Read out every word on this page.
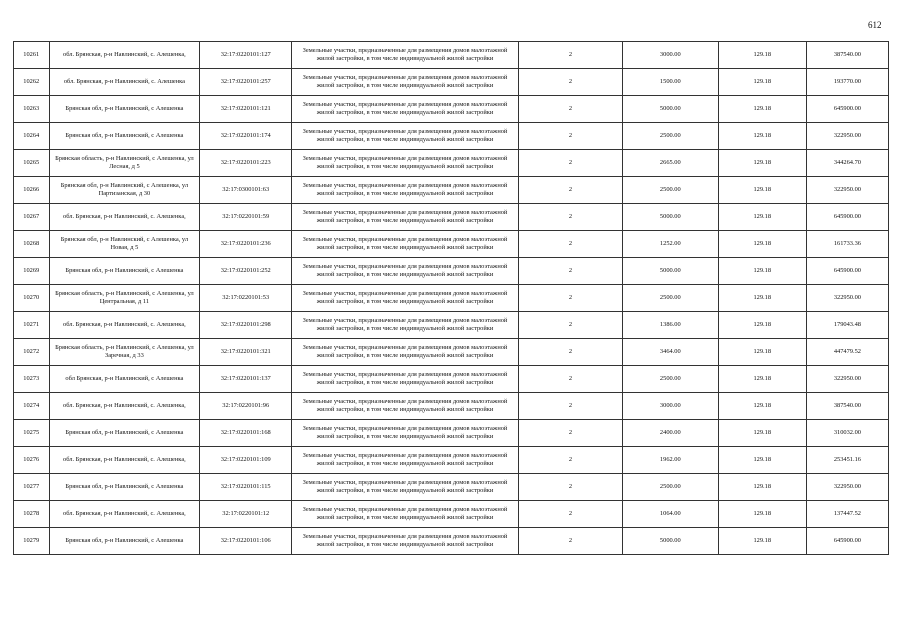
612
10261	обл. Брянская, р-н Навлинский, с. Алешенка,	32:17:0220101:127	Земельные участки, предназначенные для размещения домов малоэтажной жилой застройки, в том числе индивидуальной жилой застройки	2	3000.00	129.18	387540.00
10262	обл. Брянская, р-н Навлинский, с. Алешенка	32:17:0220101:257	Земельные участки, предназначенные для размещения домов малоэтажной жилой застройки, в том числе индивидуальной жилой застройки	2	1500.00	129.18	193770.00
10263	Брянская обл, р-н Навлинский, с Алешенка	32:17:0220101:121	Земельные участки, предназначенные для размещения домов малоэтажной жилой застройки, в том числе индивидуальной жилой застройки	2	5000.00	129.18	645900.00
10264	Брянская обл, р-н Навлинский, с Алешенка	32:17:0220101:174	Земельные участки, предназначенные для размещения домов малоэтажной жилой застройки, в том числе индивидуальной жилой застройки	2	2500.00	129.18	322950.00
10265	Брянская область, р-н Навлинский, с Алешенка, ул Лесная, д 5	32:17:0220101:223	Земельные участки, предназначенные для размещения домов малоэтажной жилой застройки, в том числе индивидуальной жилой застройки	2	2665.00	129.18	344264.70
10266	Брянская обл, р-н Навлинский, с Алешенка, ул Партизанская, д 30	32:17:0300101:63	Земельные участки, предназначенные для размещения домов малоэтажной жилой застройки, в том числе индивидуальной жилой застройки	2	2500.00	129.18	322950.00
10267	обл. Брянская, р-н Навлинский, с. Алешенка,	32:17:0220101:59	Земельные участки, предназначенные для размещения домов малоэтажной жилой застройки, в том числе индивидуальной жилой застройки	2	5000.00	129.18	645900.00
10268	Брянская обл, р-н Навлинский, с Алешенка, ул Новая, д 5	32:17:0220101:236	Земельные участки, предназначенные для размещения домов малоэтажной жилой застройки, в том числе индивидуальной жилой застройки	2	1252.00	129.18	161733.36
10269	Брянская обл, р-н Навлинский, с Алешенка	32:17:0220101:252	Земельные участки, предназначенные для размещения домов малоэтажной жилой застройки, в том числе индивидуальной жилой застройки	2	5000.00	129.18	645900.00
10270	Брянская область, р-н Навлинский, с Алешенка, ул Центральная, д 11	32:17:0220101:53	Земельные участки, предназначенные для размещения домов малоэтажной жилой застройки, в том числе индивидуальной жилой застройки	2	2500.00	129.18	322950.00
10271	обл. Брянская, р-н Навлинский, с. Алешенка,	32:17:0220101:298	Земельные участки, предназначенные для размещения домов малоэтажной жилой застройки, в том числе индивидуальной жилой застройки	2	1386.00	129.18	179043.48
10272	Брянская область, р-н Навлинский, с Алешенка, ул Заречная, д 33	32:17:0220101:321	Земельные участки, предназначенные для размещения домов малоэтажной жилой застройки, в том числе индивидуальной жилой застройки	2	3464.00	129.18	447479.52
10273	обл Брянская, р-н Навлинский, с Алешенка	32:17:0220101:137	Земельные участки, предназначенные для размещения домов малоэтажной жилой застройки, в том числе индивидуальной жилой застройки	2	2500.00	129.18	322950.00
10274	обл. Брянская, р-н Навлинский, с. Алешенка,	32:17:0220101:96	Земельные участки, предназначенные для размещения домов малоэтажной жилой застройки, в том числе индивидуальной жилой застройки	2	3000.00	129.18	387540.00
10275	Брянская обл, р-н Навлинский, с Алешенка	32:17:0220101:168	Земельные участки, предназначенные для размещения домов малоэтажной жилой застройки, в том числе индивидуальной жилой застройки	2	2400.00	129.18	310032.00
10276	обл. Брянская, р-н Навлинский, с. Алешенка,	32:17:0220101:109	Земельные участки, предназначенные для размещения домов малоэтажной жилой застройки, в том числе индивидуальной жилой застройки	2	1962.00	129.18	253451.16
10277	Брянская обл, р-н Навлинский, с Алешенка	32:17:0220101:115	Земельные участки, предназначенные для размещения домов малоэтажной жилой застройки, в том числе индивидуальной жилой застройки	2	2500.00	129.18	322950.00
10278	обл. Брянская, р-н Навлинский, с. Алешенка,	32:17:0220101:12	Земельные участки, предназначенные для размещения домов малоэтажной жилой застройки, в том числе индивидуальной жилой застройки	2	1064.00	129.18	137447.52
10279	Брянская обл, р-н Навлинский, с Алешенка	32:17:0220101:106	Земельные участки, предназначенные для размещения домов малоэтажной жилой застройки, в том числе индивидуальной жилой застройки	2	5000.00	129.18	645900.00
